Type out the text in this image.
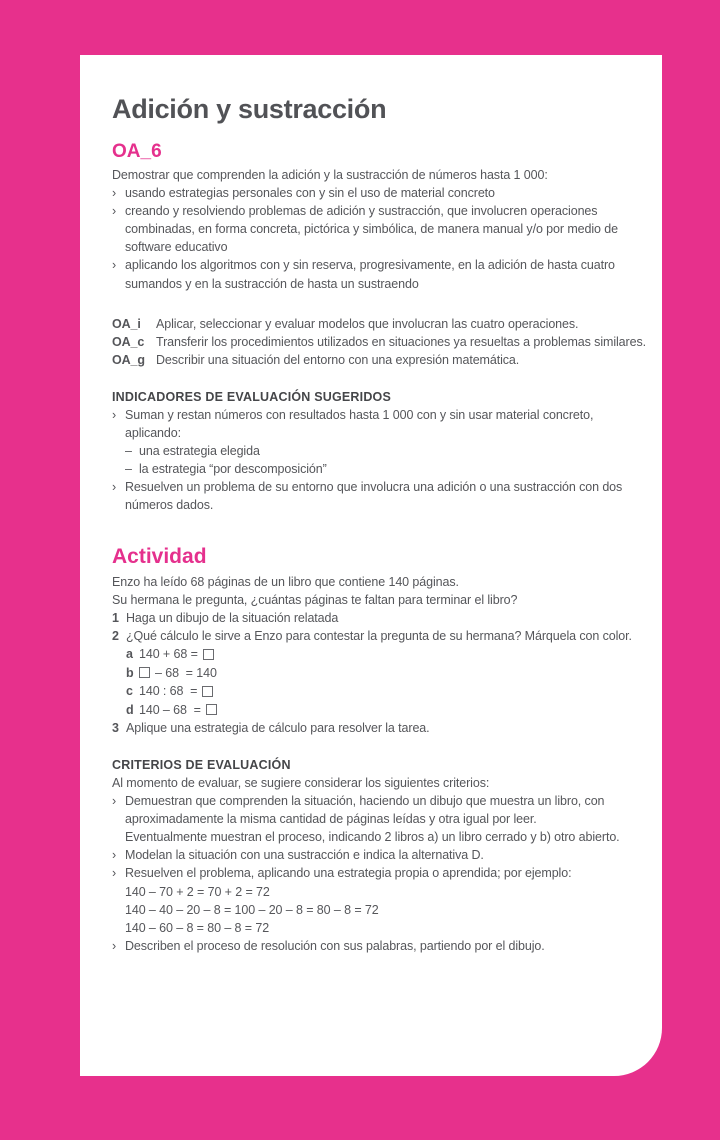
Adición y sustracción
OA_6
Demostrar que comprenden la adición y la sustracción de números hasta 1 000:
› usando estrategias personales con y sin el uso de material concreto
› creando y resolviendo problemas de adición y sustracción, que involucren operaciones
combinadas, en forma concreta, pictórica y simbólica, de manera manual y/o por medio de
software educativo
› aplicando los algoritmos con y sin reserva, progresivamente, en la adición de hasta cuatro
sumandos y en la sustracción de hasta un sustraendo
OA_i	Aplicar, seleccionar y evaluar modelos que involucran las cuatro operaciones.
OA_c Transferir los procedimientos utilizados en situaciones ya resueltas a problemas similares.
OA_g Describir una situación del entorno con una expresión matemática.
INDICADORES DE EVALUACIÓN SUGERIDOS
› Suman y restan números con resultados hasta 1 000 con y sin usar material concreto,
aplicando:
– una estrategia elegida
– la estrategia “por descomposición”
› Resuelven un problema de su entorno que involucra una adición o una sustracción con dos
números dados.
Actividad
Enzo ha leído 68 páginas de un libro que contiene 140 páginas.
Su hermana le pregunta, ¿cuántas páginas te faltan para terminar el libro?
1 Haga un dibujo de la situación relatada
2 ¿Qué cálculo le sirve a Enzo para contestar la pregunta de su hermana? Márquela con color.
a 140 + 68 =
b	– 68  = 140
c 140 : 68  =
d 140 – 68  =
3 Aplique una estrategia de cálculo para resolver la tarea.
CRITERIOS DE EVALUACIÓN
Al momento de evaluar, se sugiere considerar los siguientes criterios:
› Demuestran que comprenden la situación, haciendo un dibujo que muestra un libro, con
aproximadamente la misma cantidad de páginas leídas y otra igual por leer.
Eventualmente muestran el proceso, indicando 2 libros a) un libro cerrado y b) otro abierto.
› Modelan la situación con una sustracción e indica la alternativa D.
› Resuelven el problema, aplicando una estrategia propia o aprendida; por ejemplo:
140 – 70 + 2 = 70 + 2 = 72
140 – 40 – 20 – 8 = 100 – 20 – 8 = 80 – 8 = 72
140 – 60 – 8 = 80 – 8 = 72
› Describen el proceso de resolución con sus palabras, partiendo por el dibujo.
